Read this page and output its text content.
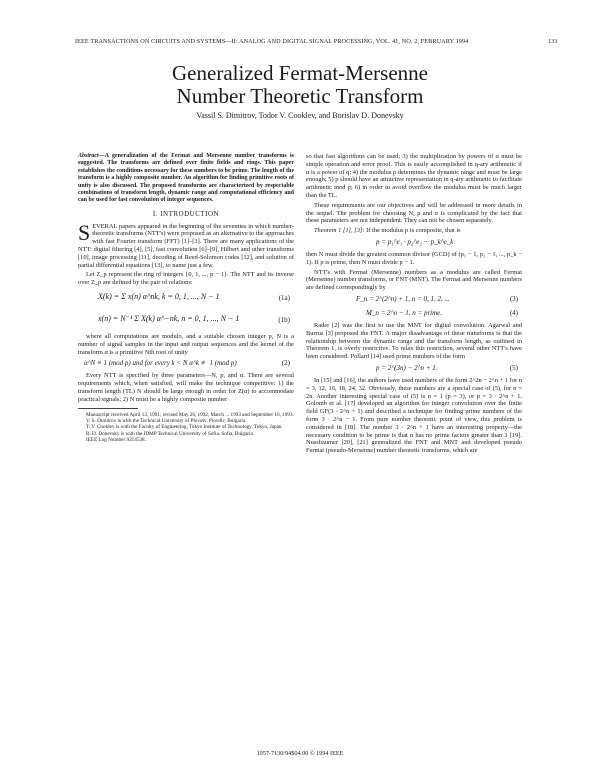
IEEE TRANSACTIONS ON CIRCUITS AND SYSTEMS—II: ANALOG AND DIGITAL SIGNAL PROCESSING, VOL. 41, NO. 2, FEBRUARY 1994	133
Generalized Fermat-Mersenne
Number Theoretic Transform
Vassil S. Dimitrov, Todor V. Cooklev, and Borislav D. Donevsky
Abstract—A generalization of the Fermat and Mersenne number transforms is suggested. The transforms are defined over finite fields and rings. This paper establishes the conditions necessary for these numbers to be prime. The length of the transform is a highly composite number. An algorithm for finding primitive roots of unity is also discussed. The proposed transforms are characterized by respectable combinations of transform length, dynamic range and computational efficiency and can be used for fast convolution of integer sequences.
I. INTRODUCTION

SEVERAL papers appeared in the beginning of the seventies in which number-theoretic transforms (NTT's) were proposed as an alternative to the approaches with fast Fourier transform (FFT) [1]–[3]. There are many applications of the NTT: digital filtering [4], [5], fast convolution [6]–[9], Hilbert and other transforms [10], image processing [11], decoding of Reed-Solomon codes [12], and solution of partial differential equations [13], to name just a few.

Let Z_p represent the ring of integers {0, 1, ..., p − 1}. The NTT and its inverse over Z_p are defined by the pair of relations:

X(k) = Σ x(n) α^nk, k = 0, 1, ..., N − 1	(1a)
x(n) = N⁻¹ Σ X(k) α^−nk, n = 0, 1, ..., N − 1	(1b)

where all computations are modulo, and a suitable chosen integer p, N is a number of signal samples in the input and output sequences and the kernel of the transform α is a primitive Nth root of unity

α^N ≡ 1 (mod p) and for every k < N α^k ≢ 1 (mod p)	(2)

Every NTT is specified by three parameters—N, p, and α. There are several requirements which, when satisfied, will make the technique competitive: 1) the transform length (TL) N should be large enough in order for Z(α) to accommodate practical signals; 2) N must be a highly composite number

Manuscript received April 13, 1991; revised May 26, 1992, March ... 1993 and September 16, 1993.

V. S. Dimitrov is with the Technical University of Plovdiv, Plovdiv, Bulgaria.

T. V. Cooklev is with the Faculty of Engineering, Tokyo Institute of Technology, Tokyo, Japan.

B. D. Donevsky is with the IDMP Technical University of Sofia, Sofia, Bulgaria.

IEEE Log Number 9214538.

so that fast algorithms can be used; 3) the multiplication by powers of α must be simple operation and error proof. This is easily accomplished in q-ary arithmetic if α is a power of q; 4) the modulus p determines the dynamic range and must be large enough; 5) p should have an attractive representation in q-ary arithmetic to facilitate arithmetic mod p; 6) in order to avoid overflow the modulus must be much larger than the TL.

These requirements are our objectives and will be addressed in more details in the sequel. The problem for choosing N, p and α is complicated by the fact that these parameters are not independent. They can not be chosen separately.

Theorem 1 [1], [3]: If the modulus p is composite, that is

p = p₁^e₁ · p₂^e₂ ··· p_k^e_k

then N must divide the greatest common divisor (GCD) of (p₁ − 1, p₂ − 1, ..., p_k − 1). If p is prime, then N must divide p − 1.

NTT's with Fermat (Mersenne) numbers as a modulus are called Fermat (Mersenne) number transforms, or FNT (MNT). The Fermat and Mersenne numbers are defined correspondingly by

F_n = 2^(2^n) + 1, n = 0, 1, 2, ...	(3)
M_n = 2^n − 1, n = prime.	(4)

Rader [2] was the first to use the MNT for digital convolution. Agarwal and Burrus [3] proposed the FNT. A major disadvantage of these transforms is that the relationship between the dynamic range and the transform length, as outlined in Theorem 1, is overly restrictive. To relax this restriction, several other NTT's have been considered. Pollard [14] used prime numbers of the form

p = 2^(3n) − 2^n + 1.	(5)

In [15] and [16], the authors have used numbers of the form 2^2n − 2^n + 1 for n = 3, 12, 16, 18, 24, 32. Obviously, these numbers are a special case of (5), for n = 2n. Another interesting special case of (5) is n = 1 (p = 3), or p = 3 · 2^n + 1. Golomb et al. [17] developed an algorithm for integer convolution over the finite field GF(3 · 2^n + 1) and described a technique for finding prime numbers of the form 3 · 2^n − 1. From pure number theoretic point of view, this problem is considered in [18]. The number 3 · 2^n + 1 have an interesting property—the necessary condition to be prime is that n has no prime factors greater than 3 [19]. Nussbaumer [20], [21] generalized the FNT and MNT and developed pseudo Fermat (pseudo-Mersenne) number theoretic transforms, which are

1057-7130/94$04.00 © 1994 IEEE
